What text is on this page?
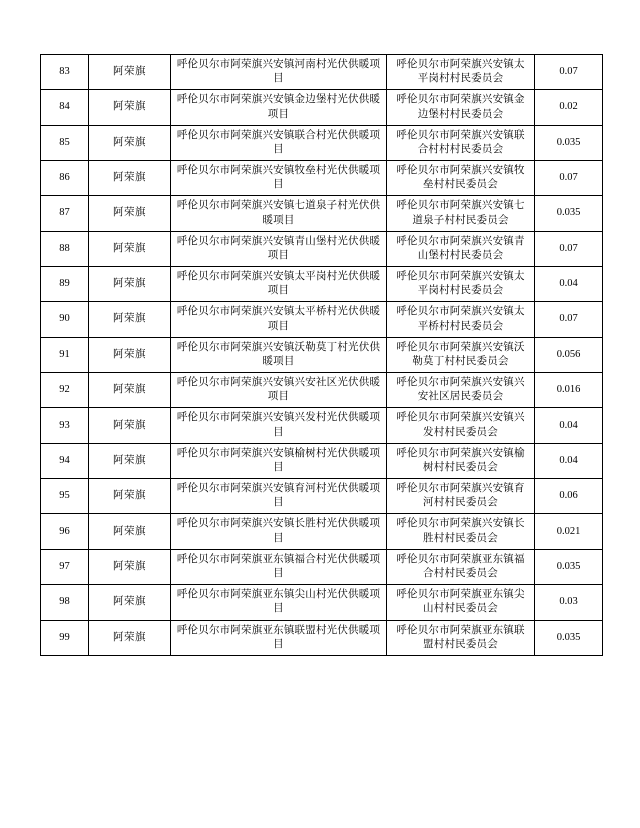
83	阿荣旗	呼伦贝尔市阿荣旗兴安镇河南村光伏供暖项目	呼伦贝尔市阿荣旗兴安镇太平岗村村民委员会	0.07
84	阿荣旗	呼伦贝尔市阿荣旗兴安镇金边堡村光伏供暖项目	呼伦贝尔市阿荣旗兴安镇金边堡村村民委员会	0.02
85	阿荣旗	呼伦贝尔市阿荣旗兴安镇联合村光伏供暖项目	呼伦贝尔市阿荣旗兴安镇联合村村村民委员会	0.035
86	阿荣旗	呼伦贝尔市阿荣旗兴安镇牧垒村光伏供暖项目	呼伦贝尔市阿荣旗兴安镇牧垒村村民委员会	0.07
87	阿荣旗	呼伦贝尔市阿荣旗兴安镇七道泉子村光伏供暖项目	呼伦贝尔市阿荣旗兴安镇七道泉子村村民委员会	0.035
88	阿荣旗	呼伦贝尔市阿荣旗兴安镇青山堡村光伏供暖项目	呼伦贝尔市阿荣旗兴安镇青山堡村村民委员会	0.07
89	阿荣旗	呼伦贝尔市阿荣旗兴安镇太平岗村光伏供暖项目	呼伦贝尔市阿荣旗兴安镇太平岗村村民委员会	0.04
90	阿荣旗	呼伦贝尔市阿荣旗兴安镇太平桥村光伏供暖项目	呼伦贝尔市阿荣旗兴安镇太平桥村村民委员会	0.07
91	阿荣旗	呼伦贝尔市阿荣旗兴安镇沃勒莫丁村光伏供暖项目	呼伦贝尔市阿荣旗兴安镇沃勒莫丁村村民委员会	0.056
92	阿荣旗	呼伦贝尔市阿荣旗兴安镇兴安社区光伏供暖项目	呼伦贝尔市阿荣旗兴安镇兴安社区居民委员会	0.016
93	阿荣旗	呼伦贝尔市阿荣旗兴安镇兴发村光伏供暖项目	呼伦贝尔市阿荣旗兴安镇兴发村村民委员会	0.04
94	阿荣旗	呼伦贝尔市阿荣旗兴安镇榆树村光伏供暖项目	呼伦贝尔市阿荣旗兴安镇榆树村村民委员会	0.04
95	阿荣旗	呼伦贝尔市阿荣旗兴安镇育河村光伏供暖项目	呼伦贝尔市阿荣旗兴安镇育河村村民委员会	0.06
96	阿荣旗	呼伦贝尔市阿荣旗兴安镇长胜村光伏供暖项目	呼伦贝尔市阿荣旗兴安镇长胜村村民委员会	0.021
97	阿荣旗	呼伦贝尔市阿荣旗亚东镇福合村光伏供暖项目	呼伦贝尔市阿荣旗亚东镇福合村村民委员会	0.035
98	阿荣旗	呼伦贝尔市阿荣旗亚东镇尖山村光伏供暖项目	呼伦贝尔市阿荣旗亚东镇尖山村村民委员会	0.03
99	阿荣旗	呼伦贝尔市阿荣旗亚东镇联盟村光伏供暖项目	呼伦贝尔市阿荣旗亚东镇联盟村村民委员会	0.035
